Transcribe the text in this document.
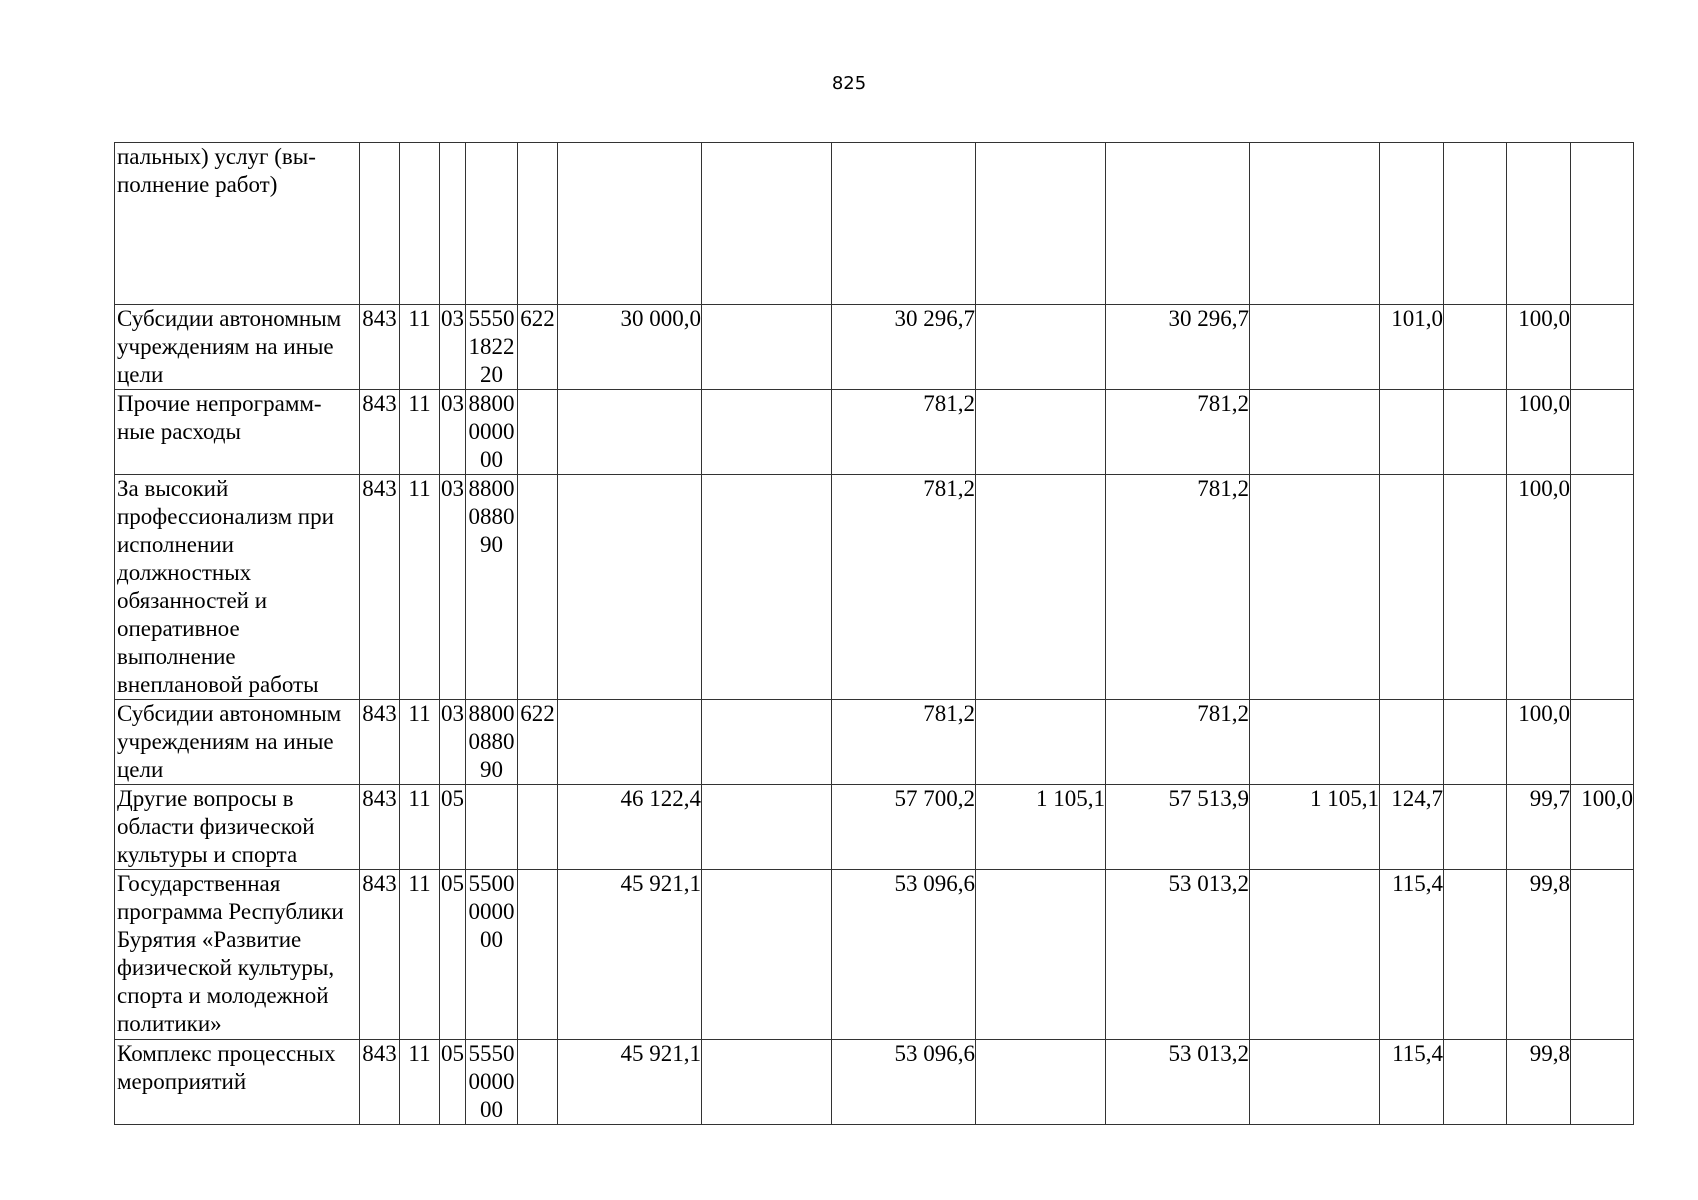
825
пальных) услуг (вы-полнение работ)															
Субсидии автономным учреждениям на иные цели	843	11	03	5550182220	622	30 000,0		30 296,7		30 296,7		101,0		100,0	
Прочие непрограмм-ные расходы	843	11	03	8800000000				781,2		781,2				100,0	
За высокий профессионализм при исполнении должностных обязанностей и оперативное выполнение внеплановой работы	843	11	03	8800088090				781,2		781,2				100,0	
Субсидии автономным учреждениям на иные цели	843	11	03	8800088090	622			781,2		781,2				100,0	
Другие вопросы в области физической культуры и спорта	843	11	05			46 122,4		57 700,2	1 105,1	57 513,9	1 105,1	124,7		99,7	100,0
Государственная программа Республики Бурятия «Развитие физической культуры, спорта и молодежной политики»	843	11	05	5500000000		45 921,1		53 096,6		53 013,2		115,4		99,8	
Комплекс процессных мероприятий	843	11	05	5550000000		45 921,1		53 096,6		53 013,2		115,4		99,8	
